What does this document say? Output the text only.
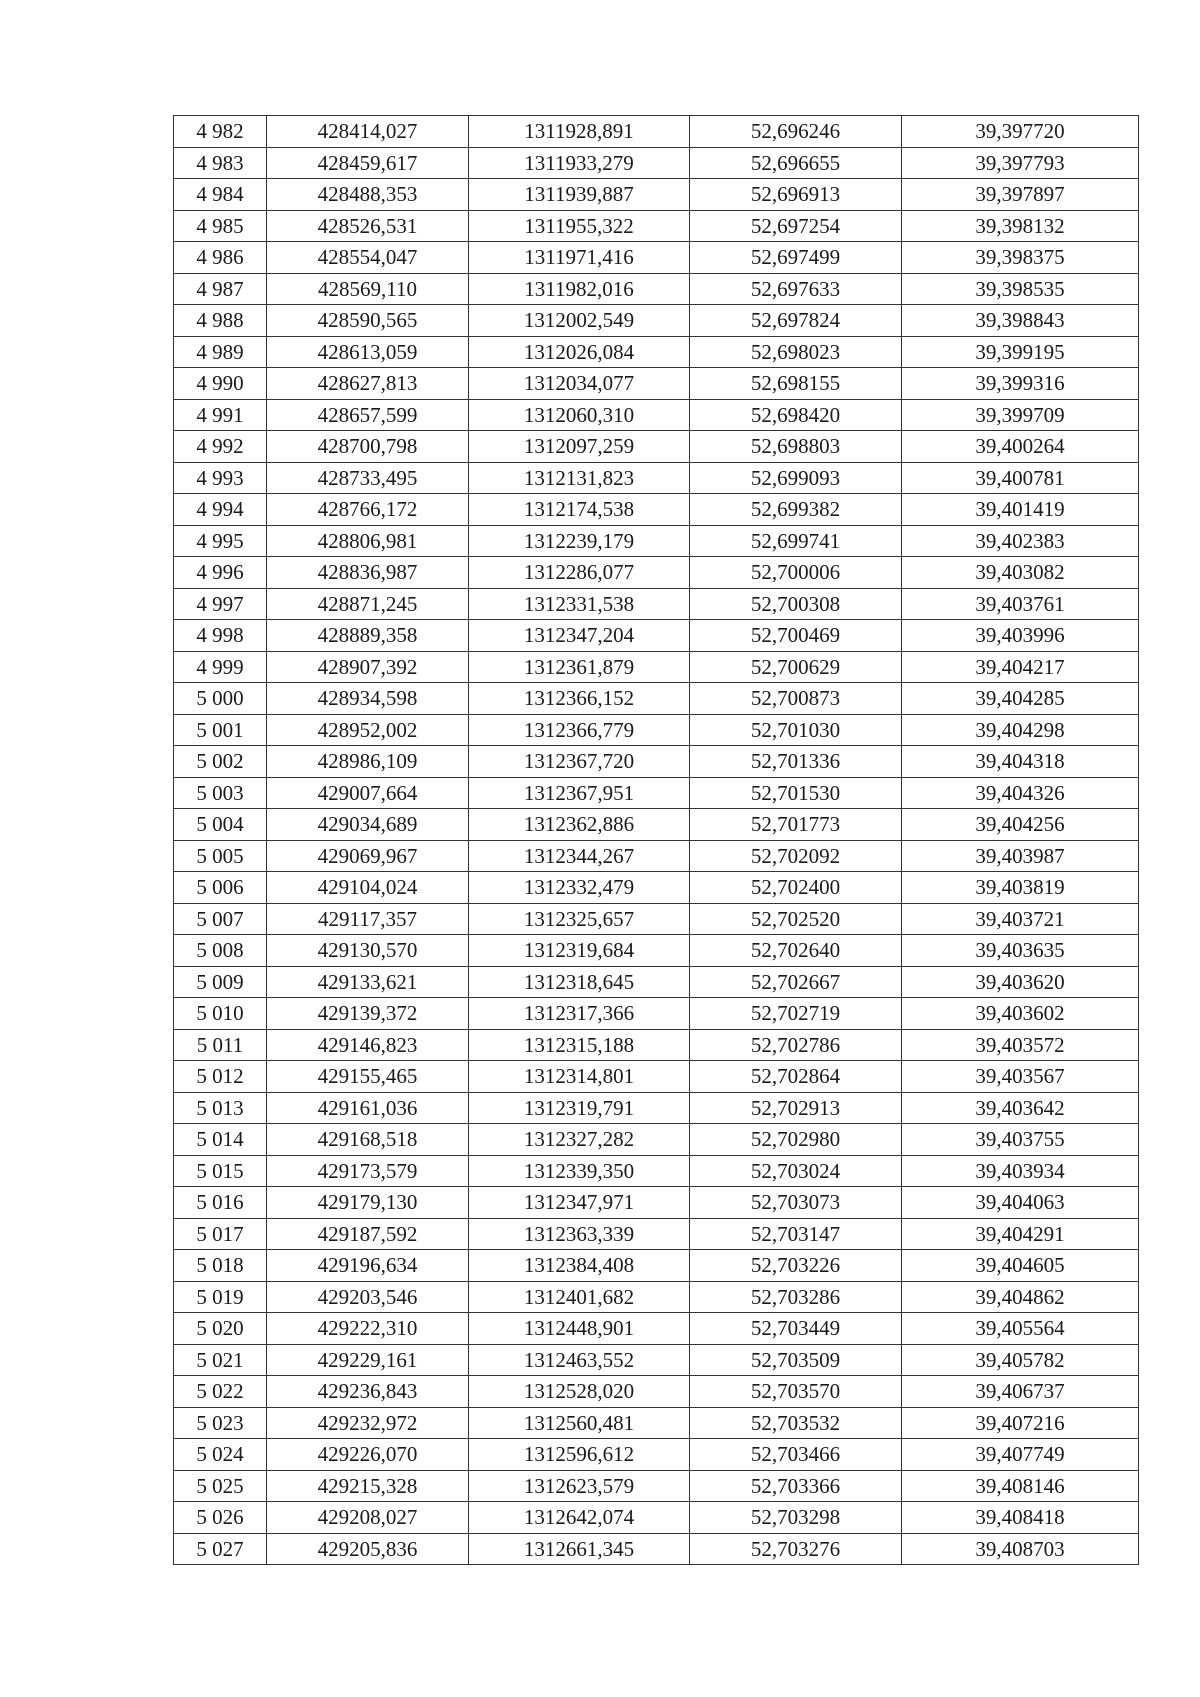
4 982	428414,027	1311928,891	52,696246	39,397720
4 983	428459,617	1311933,279	52,696655	39,397793
4 984	428488,353	1311939,887	52,696913	39,397897
4 985	428526,531	1311955,322	52,697254	39,398132
4 986	428554,047	1311971,416	52,697499	39,398375
4 987	428569,110	1311982,016	52,697633	39,398535
4 988	428590,565	1312002,549	52,697824	39,398843
4 989	428613,059	1312026,084	52,698023	39,399195
4 990	428627,813	1312034,077	52,698155	39,399316
4 991	428657,599	1312060,310	52,698420	39,399709
4 992	428700,798	1312097,259	52,698803	39,400264
4 993	428733,495	1312131,823	52,699093	39,400781
4 994	428766,172	1312174,538	52,699382	39,401419
4 995	428806,981	1312239,179	52,699741	39,402383
4 996	428836,987	1312286,077	52,700006	39,403082
4 997	428871,245	1312331,538	52,700308	39,403761
4 998	428889,358	1312347,204	52,700469	39,403996
4 999	428907,392	1312361,879	52,700629	39,404217
5 000	428934,598	1312366,152	52,700873	39,404285
5 001	428952,002	1312366,779	52,701030	39,404298
5 002	428986,109	1312367,720	52,701336	39,404318
5 003	429007,664	1312367,951	52,701530	39,404326
5 004	429034,689	1312362,886	52,701773	39,404256
5 005	429069,967	1312344,267	52,702092	39,403987
5 006	429104,024	1312332,479	52,702400	39,403819
5 007	429117,357	1312325,657	52,702520	39,403721
5 008	429130,570	1312319,684	52,702640	39,403635
5 009	429133,621	1312318,645	52,702667	39,403620
5 010	429139,372	1312317,366	52,702719	39,403602
5 011	429146,823	1312315,188	52,702786	39,403572
5 012	429155,465	1312314,801	52,702864	39,403567
5 013	429161,036	1312319,791	52,702913	39,403642
5 014	429168,518	1312327,282	52,702980	39,403755
5 015	429173,579	1312339,350	52,703024	39,403934
5 016	429179,130	1312347,971	52,703073	39,404063
5 017	429187,592	1312363,339	52,703147	39,404291
5 018	429196,634	1312384,408	52,703226	39,404605
5 019	429203,546	1312401,682	52,703286	39,404862
5 020	429222,310	1312448,901	52,703449	39,405564
5 021	429229,161	1312463,552	52,703509	39,405782
5 022	429236,843	1312528,020	52,703570	39,406737
5 023	429232,972	1312560,481	52,703532	39,407216
5 024	429226,070	1312596,612	52,703466	39,407749
5 025	429215,328	1312623,579	52,703366	39,408146
5 026	429208,027	1312642,074	52,703298	39,408418
5 027	429205,836	1312661,345	52,703276	39,408703
